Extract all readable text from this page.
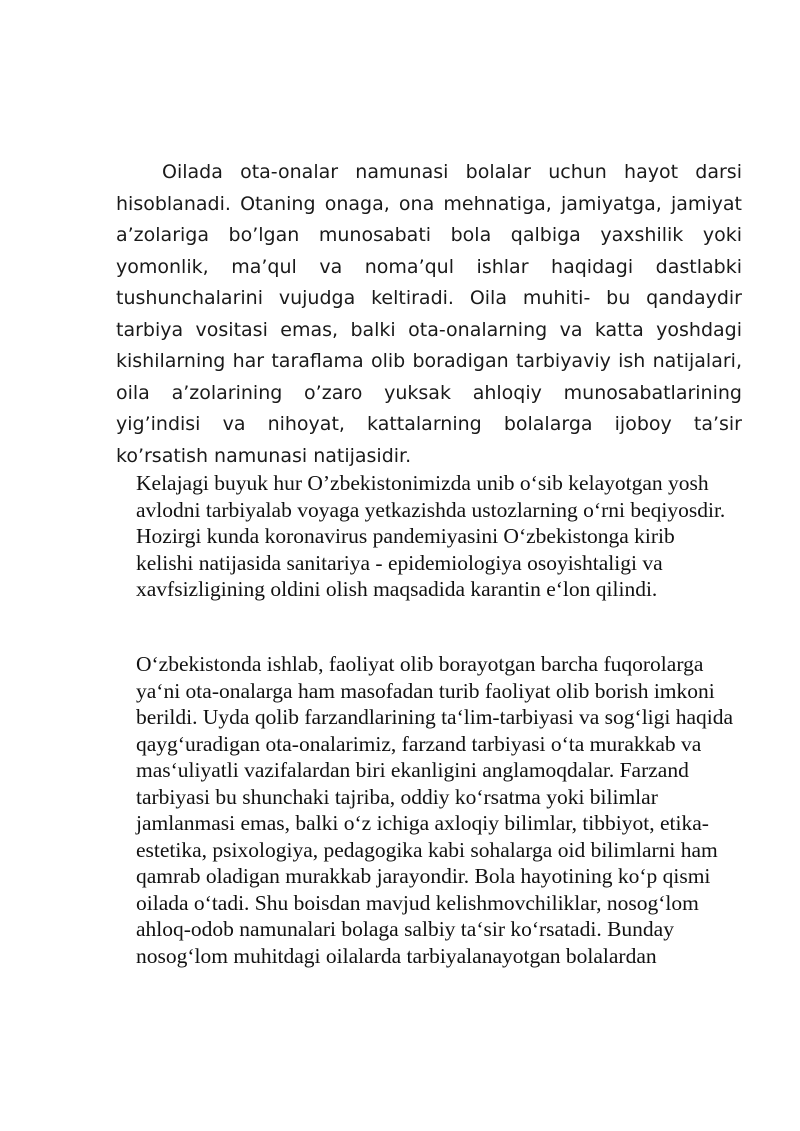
Oilada ota-onalar namunasi bolalar uchun hayot darsi hisoblanadi. Otaning onaga, ona mehnatiga, jamiyatga, jamiyat a’zolariga bo’lgan munosabati bola qalbiga yaxshilik yoki yomonlik, ma’qul va noma’qul ishlar haqidagi dastlabki tushunchalarini vujudga keltiradi. Oila muhiti- bu qandaydir tarbiya vositasi emas, balki ota-onalarning va katta yoshdagi kishilarning har taraflama olib boradigan tarbiyaviy ish natijalari, oila a’zolarining o’zaro yuksak ahloqiy munosabatlarining yig’indisi va nihoyat, kattalarning bolalarga ijoboy ta’sir ko’rsatish namunasi natijasidir.

Kelajagi buyuk hur O’zbekistonimizda unib o‘sib kelayotgan yosh avlodni tarbiyalab voyaga yetkazishda ustozlarning o‘rni beqiyosdir. Hozirgi kunda koronavirus pandemiyasini O‘zbekistonga kirib kelishi natijasida sanitariya - epidemiologiya osoyishtaligi va xavfsizligining oldini olish maqsadida karantin e‘lon qilindi.

O‘zbekistonda ishlab, faoliyat olib borayotgan barcha fuqorolarga ya‘ni ota-onalarga ham masofadan turib faoliyat olib borish imkoni berildi. Uyda qolib farzandlarining ta‘lim-tarbiyasi va sog‘ligi haqida qayg‘uradigan ota-onalarimiz, farzand tarbiyasi o‘ta murakkab va mas‘uliyatli vazifalardan biri ekanligini anglamoqdalar. Farzand tarbiyasi bu shunchaki tajriba, oddiy ko‘rsatma yoki bilimlar jamlanmasi emas, balki o‘z ichiga axloqiy bilimlar, tibbiyot, etika-estetika, psixologiya, pedagogika kabi sohalarga oid bilimlarni ham qamrab oladigan murakkab jarayondir. Bola hayotining ko‘p qismi oilada o‘tadi. Shu boisdan mavjud kelishmovchiliklar, nosog‘lom ahloq-odob namunalari bolaga salbiy ta‘sir ko‘rsatadi. Bunday nosog‘lom muhitdagi oilalarda tarbiyalanayotgan bolalardan
